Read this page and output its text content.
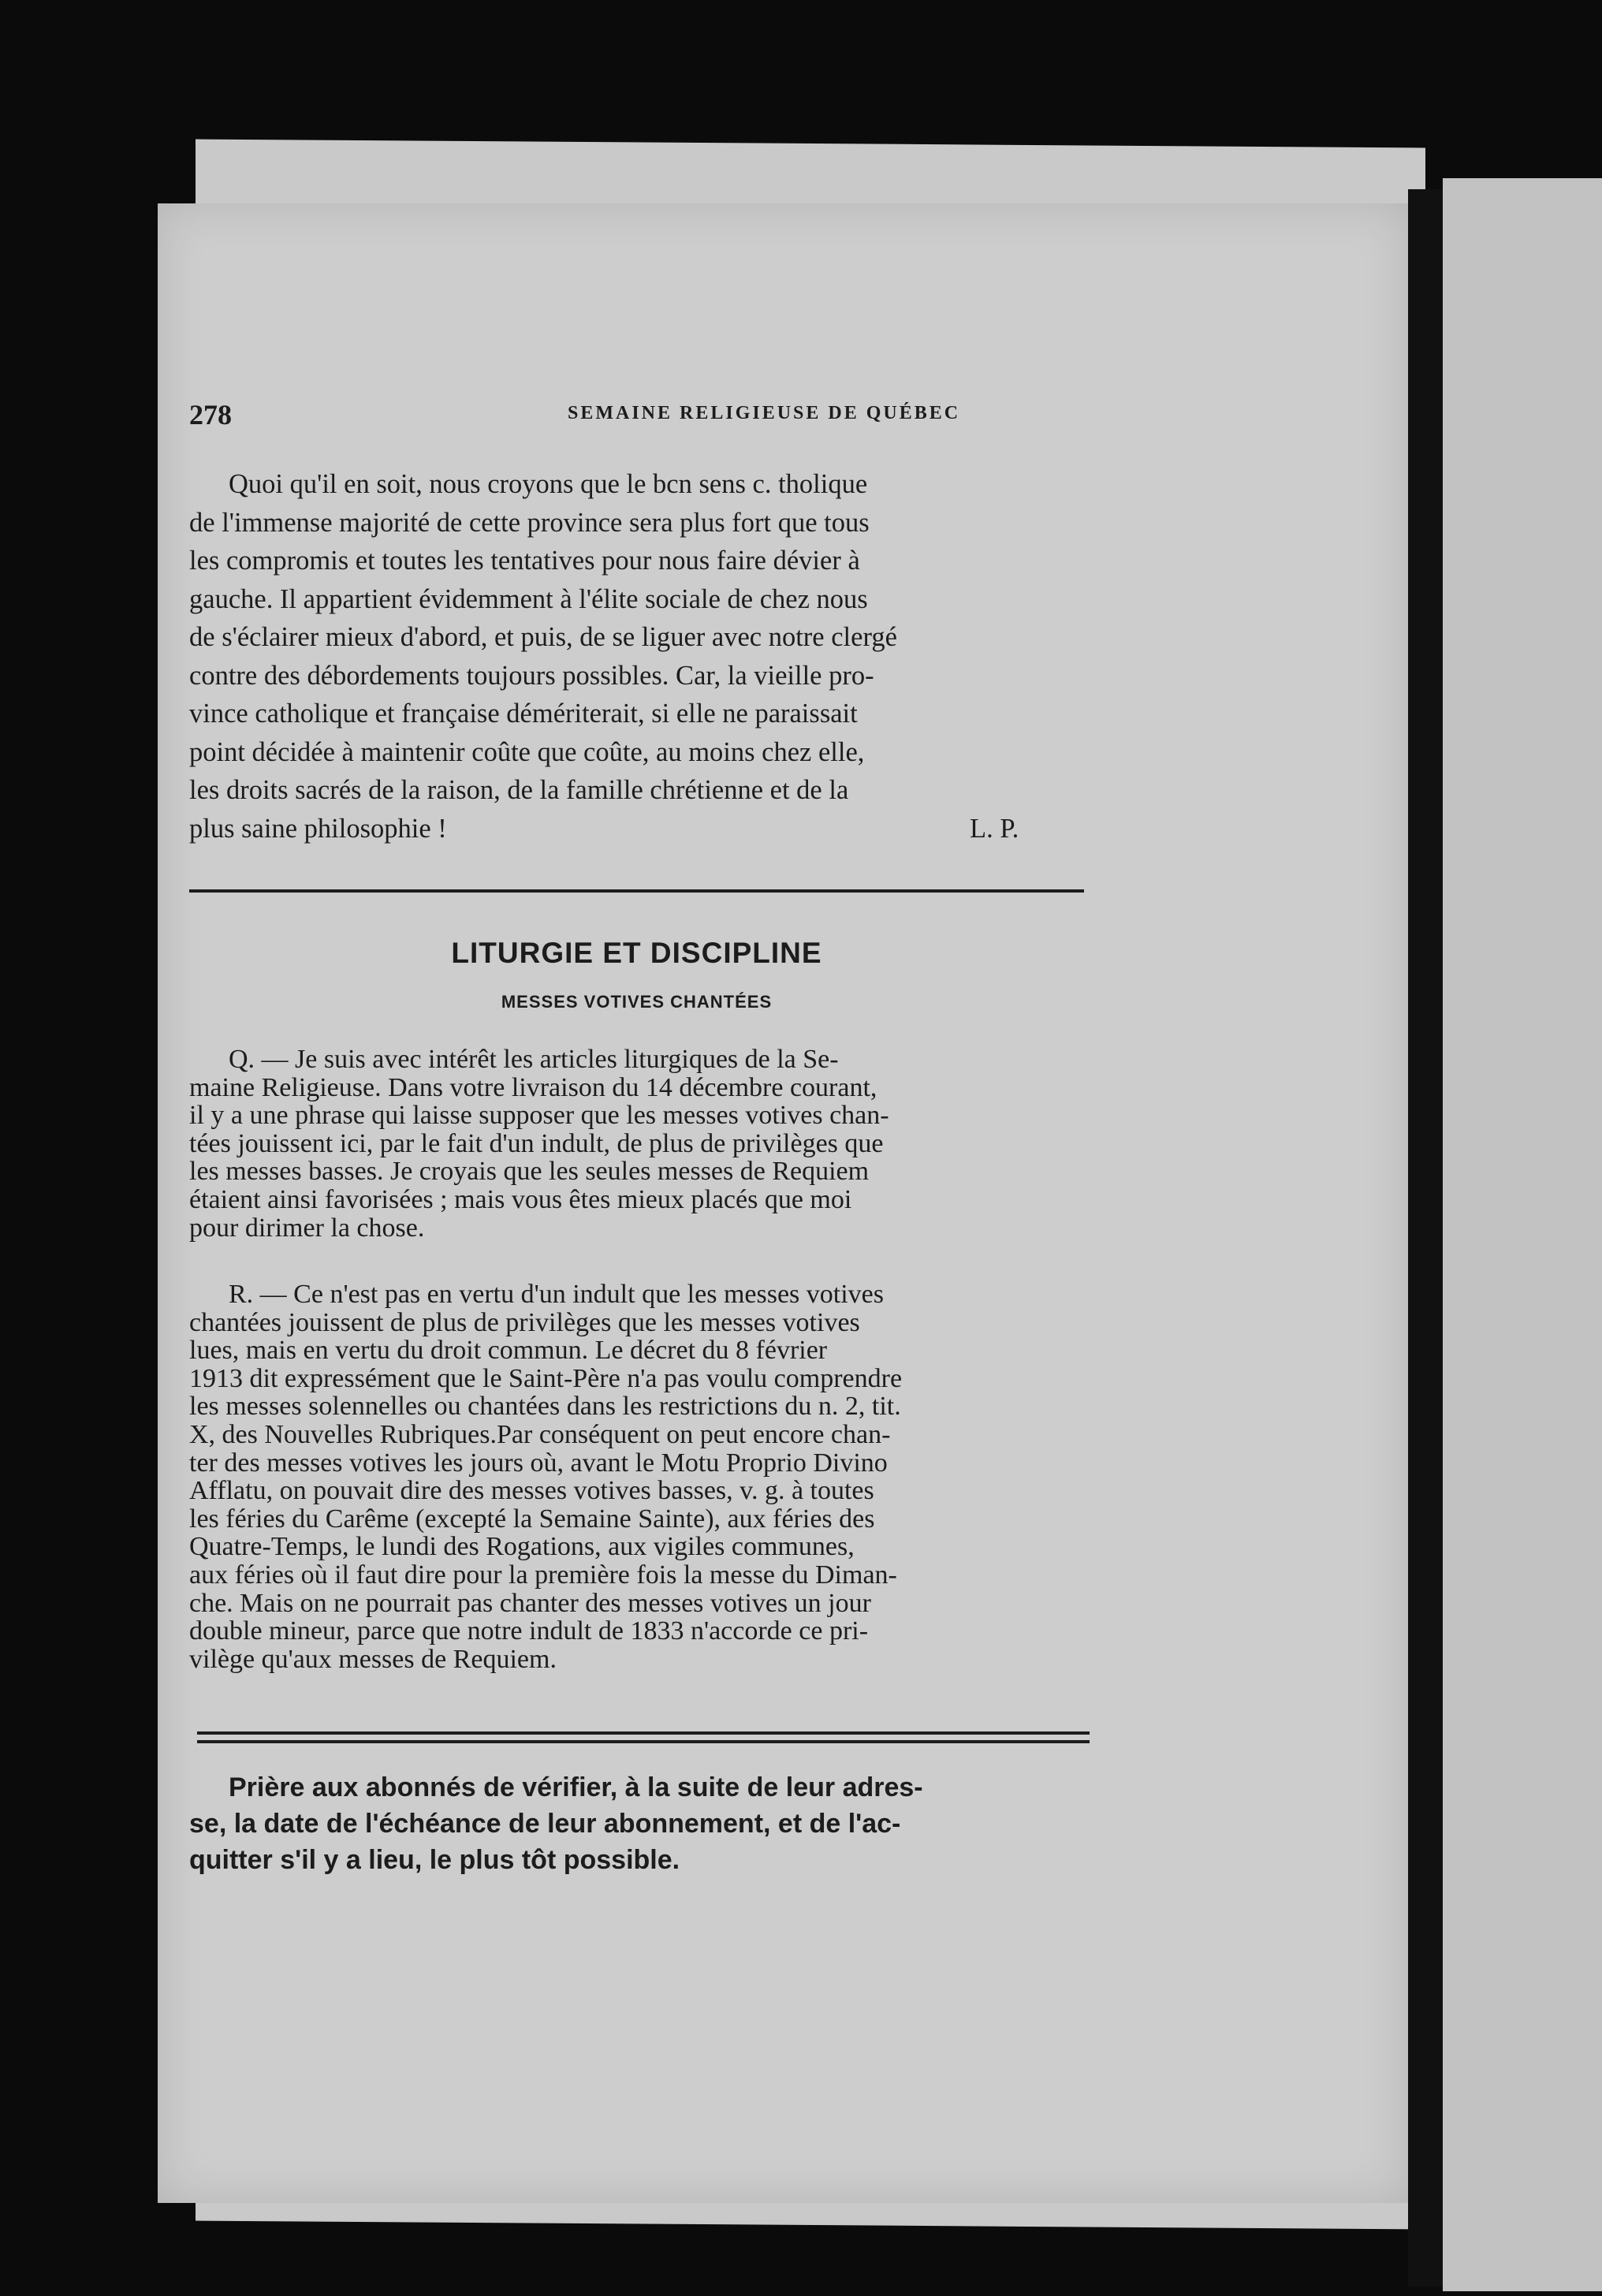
278	SEMAINE RELIGIEUSE DE QUÉBEC
Quoi qu'il en soit, nous croyons que le bcn sens c. tholique
de l'immense majorité de cette province sera plus fort que tous
les compromis et toutes les tentatives pour nous faire dévier à
gauche. Il appartient évidemment à l'élite sociale de chez nous
de s'éclairer mieux d'abord, et puis, de se liguer avec notre clergé
contre des débordements toujours possibles. Car, la vieille pro-
vince catholique et française démériterait, si elle ne paraissait
point décidée à maintenir coûte que coûte, au moins chez elle,
les droits sacrés de la raison, de la famille chrétienne et de la
plus saine philosophie !	L. P.
LITURGIE ET DISCIPLINE
MESSES VOTIVES CHANTÉES
Q. — Je suis avec intérêt les articles liturgiques de la Se-
maine Religieuse. Dans votre livraison du 14 décembre courant,
il y a une phrase qui laisse supposer que les messes votives chan-
tées jouissent ici, par le fait d'un indult, de plus de privilèges que
les messes basses. Je croyais que les seules messes de Requiem
étaient ainsi favorisées ; mais vous êtes mieux placés que moi
pour dirimer la chose.
R. — Ce n'est pas en vertu d'un indult que les messes votives
chantées jouissent de plus de privilèges que les messes votives
lues, mais en vertu du droit commun. Le décret du 8 février
1913 dit expressément que le Saint-Père n'a pas voulu comprendre
les messes solennelles ou chantées dans les restrictions du n. 2, tit.
X, des Nouvelles Rubriques.Par conséquent on peut encore chan-
ter des messes votives les jours où, avant le Motu Proprio Divino
Afflatu, on pouvait dire des messes votives basses, v. g. à toutes
les féries du Carême (excepté la Semaine Sainte), aux féries des
Quatre-Temps, le lundi des Rogations, aux vigiles communes,
aux féries où il faut dire pour la première fois la messe du Diman-
che. Mais on ne pourrait pas chanter des messes votives un jour
double mineur, parce que notre indult de 1833 n'accorde ce pri-
vilège qu'aux messes de Requiem.
Prière aux abonnés de vérifier, à la suite de leur adres-
se, la date de l'échéance de leur abonnement, et de l'ac-
quitter s'il y a lieu, le plus tôt possible.
